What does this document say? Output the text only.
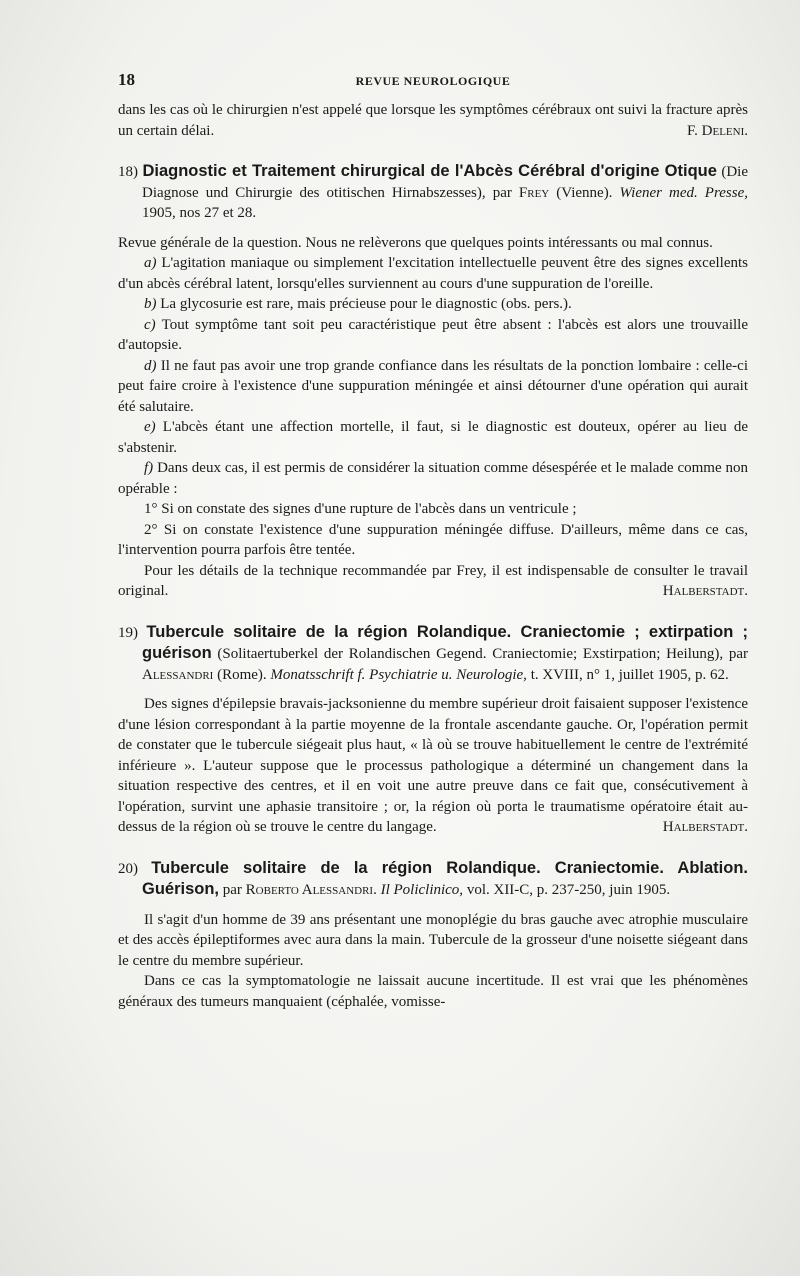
18	REVUE NEUROLOGIQUE

dans les cas où le chirurgien n'est appelé que lorsque les symptômes cérébraux ont suivi la fracture après un certain délai.	F. Deleni.

18) Diagnostic et Traitement chirurgical de l'Abcès Cérébral d'origine Otique (Die Diagnose und Chirurgie des otitischen Hirnabszesses), par Frey (Vienne). Wiener med. Presse, 1905, nos 27 et 28.

Revue générale de la question. Nous ne relèverons que quelques points intéressants ou mal connus.

a) L'agitation maniaque ou simplement l'excitation intellectuelle peuvent être des signes excellents d'un abcès cérébral latent, lorsqu'elles surviennent au cours d'une suppuration de l'oreille.

b) La glycosurie est rare, mais précieuse pour le diagnostic (obs. pers.).

c) Tout symptôme tant soit peu caractéristique peut être absent : l'abcès est alors une trouvaille d'autopsie.

d) Il ne faut pas avoir une trop grande confiance dans les résultats de la ponction lombaire : celle-ci peut faire croire à l'existence d'une suppuration méningée et ainsi détourner d'une opération qui aurait été salutaire.

e) L'abcès étant une affection mortelle, il faut, si le diagnostic est douteux, opérer au lieu de s'abstenir.

f) Dans deux cas, il est permis de considérer la situation comme désespérée et le malade comme non opérable :

1° Si on constate des signes d'une rupture de l'abcès dans un ventricule ;

2° Si on constate l'existence d'une suppuration méningée diffuse. D'ailleurs, même dans ce cas, l'intervention pourra parfois être tentée.

Pour les détails de la technique recommandée par Frey, il est indispensable de consulter le travail original.	Halberstadt.

19) Tubercule solitaire de la région Rolandique. Craniectomie ; extirpation ; guérison (Solitaertuberkel der Rolandischen Gegend. Craniectomie; Exstirpation; Heilung), par Alessandri (Rome). Monatsschrift f. Psychiatrie u. Neurologie, t. XVIII, n° 1, juillet 1905, p. 62.

Des signes d'épilepsie bravais-jacksonienne du membre supérieur droit faisaient supposer l'existence d'une lésion correspondant à la partie moyenne de la frontale ascendante gauche. Or, l'opération permit de constater que le tubercule siégeait plus haut, « là où se trouve habituellement le centre de l'extrémité inférieure ». L'auteur suppose que le processus pathologique a déterminé un changement dans la situation respective des centres, et il en voit une autre preuve dans ce fait que, consécutivement à l'opération, survint une aphasie transitoire ; or, la région où porta le traumatisme opératoire était au-dessus de la région où se trouve le centre du langage.	Halberstadt.

20) Tubercule solitaire de la région Rolandique. Craniectomie. Ablation. Guérison, par Roberto Alessandri. Il Policlinico, vol. XII-C, p. 237-250, juin 1905.

Il s'agit d'un homme de 39 ans présentant une monoplégie du bras gauche avec atrophie musculaire et des accès épileptiformes avec aura dans la main. Tubercule de la grosseur d'une noisette siégeant dans le centre du membre supérieur.

Dans ce cas la symptomatologie ne laissait aucune incertitude. Il est vrai que les phénomènes généraux des tumeurs manquaient (céphalée, vomisse-
